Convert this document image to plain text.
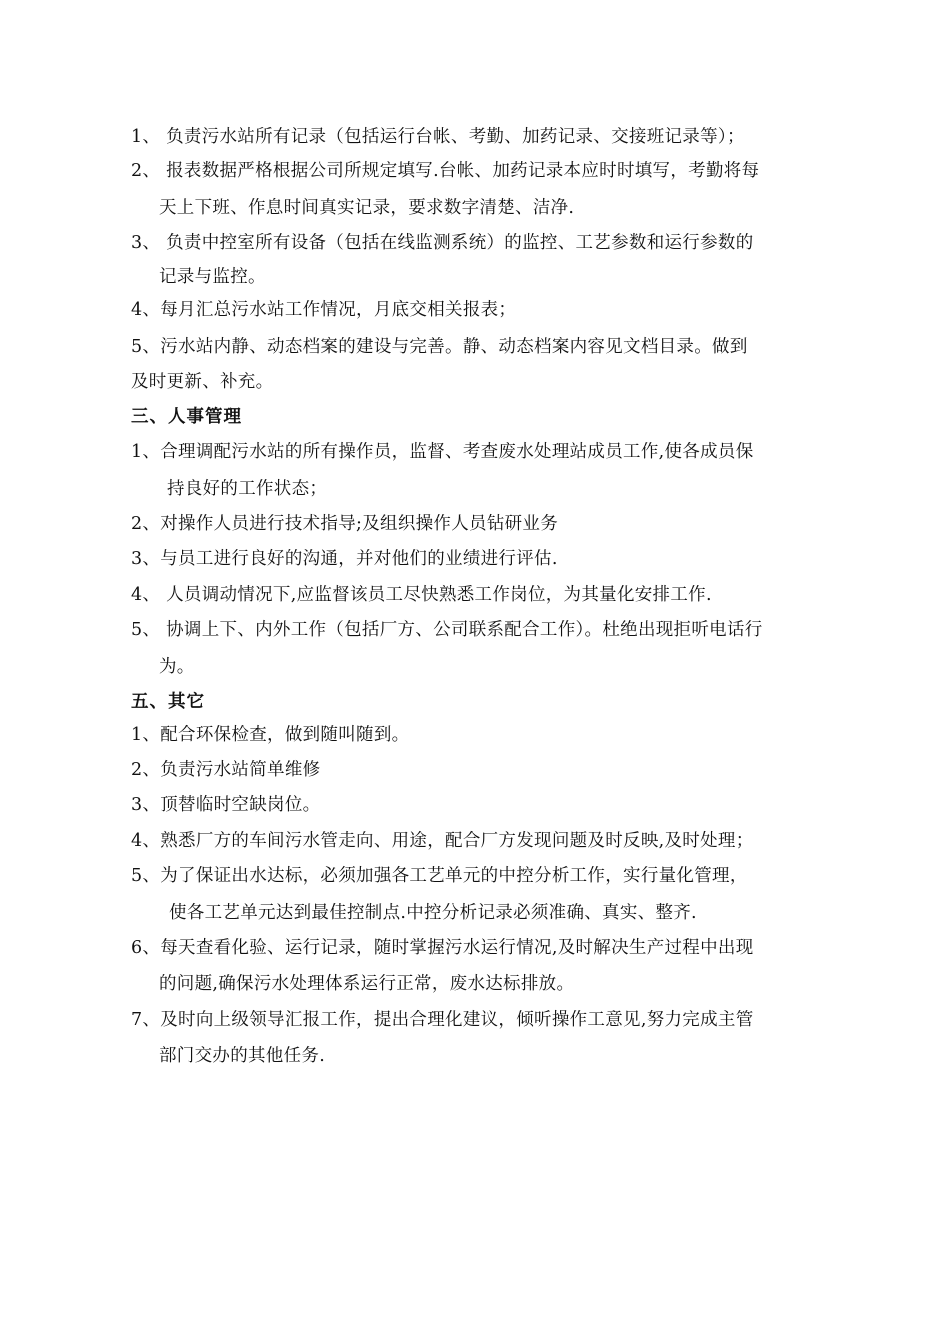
1、 负责污水站所有记录（包括运行台帐、考勤、加药记录、交接班记录等）；
2、 报表数据严格根据公司所规定填写.台帐、加药记录本应时时填写，考勤将每
天上下班、作息时间真实记录，要求数字清楚、洁净.
3、 负责中控室所有设备（包括在线监测系统）的监控、工艺参数和运行参数的
记录与监控。
4、每月汇总污水站工作情况，月底交相关报表；
5、污水站内静、动态档案的建设与完善。静、动态档案内容见文档目录。做到
及时更新、补充。
三、人事管理
1、合理调配污水站的所有操作员，监督、考查废水处理站成员工作,使各成员保
持良好的工作状态；
2、对操作人员进行技术指导;及组织操作人员钻研业务
3、与员工进行良好的沟通，并对他们的业绩进行评估.
4、 人员调动情况下,应监督该员工尽快熟悉工作岗位，为其量化安排工作.
5、 协调上下、内外工作（包括厂方、公司联系配合工作）。杜绝出现拒听电话行
为。
五、其它
1、配合环保检查，做到随叫随到。
2、负责污水站简单维修
3、顶替临时空缺岗位。
4、熟悉厂方的车间污水管走向、用途，配合厂方发现问题及时反映,及时处理；
5、为了保证出水达标，必须加强各工艺单元的中控分析工作，实行量化管理，
使各工艺单元达到最佳控制点.中控分析记录必须准确、真实、整齐.
6、每天查看化验、运行记录，随时掌握污水运行情况,及时解决生产过程中出现
的问题,确保污水处理体系运行正常，废水达标排放。
7、及时向上级领导汇报工作，提出合理化建议，倾听操作工意见,努力完成主管
部门交办的其他任务.
